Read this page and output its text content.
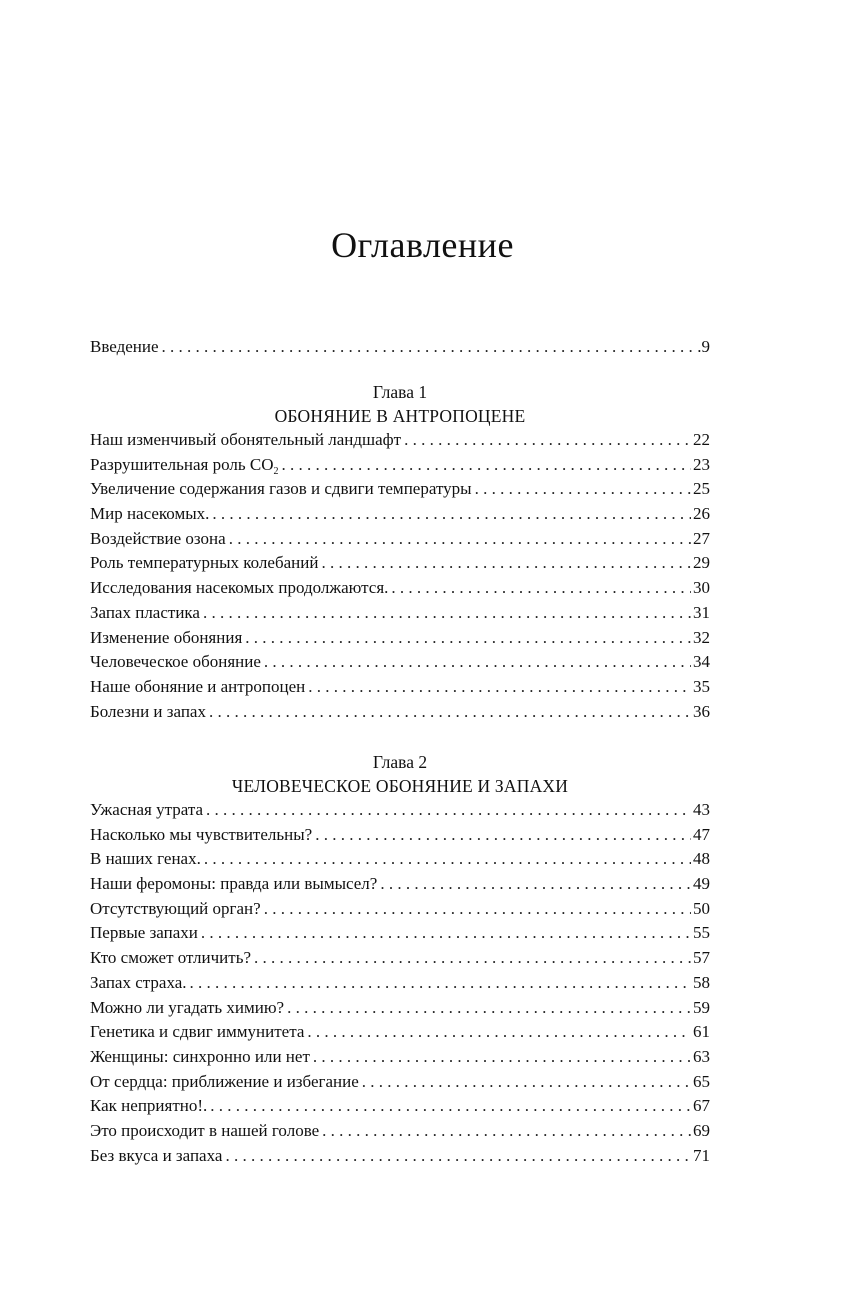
Оглавление
Введение . . .	.9
Глава 1
ОБОНЯНИЕ В АНТРОПОЦЕНЕ
Наш изменчивый обонятельный ландшафт . . .	22
Разрушительная роль $CO_2$ . . .	23
Увеличение содержания газов и сдвиги температуры . . .	25
Мир насекомых. . . .	26
Воздействие озона . . .	27
Роль температурных колебаний . . .	29
Исследования насекомых продолжаются. . . .	30
Запах пластика . . .	31
Изменение обоняния . . .	32
Человеческое обоняние . . .	34
Наше обоняние и антропоцен . . .	35
Болезни и запах . . .	36
Глава 2
ЧЕЛОВЕЧЕСКОЕ ОБОНЯНИЕ И ЗАПАХИ
Ужасная утрата . . .	43
Насколько мы чувствительны? . . .	47
В наших генах. . . .	48
Наши феромоны: правда или вымысел? . . .	49
Отсутствующий орган? . . .	50
Первые запахи . . .	55
Кто сможет отличить? . . .	57
Запах страха. . . .	58
Можно ли угадать химию? . . .	59
Генетика и сдвиг иммунитета . . .	61
Женщины: синхронно или нет . . .	63
От сердца: приближение и избегание . . .	65
Как неприятно!. . . .	67
Это происходит в нашей голове . . .	69
Без вкуса и запаха . . .	71
